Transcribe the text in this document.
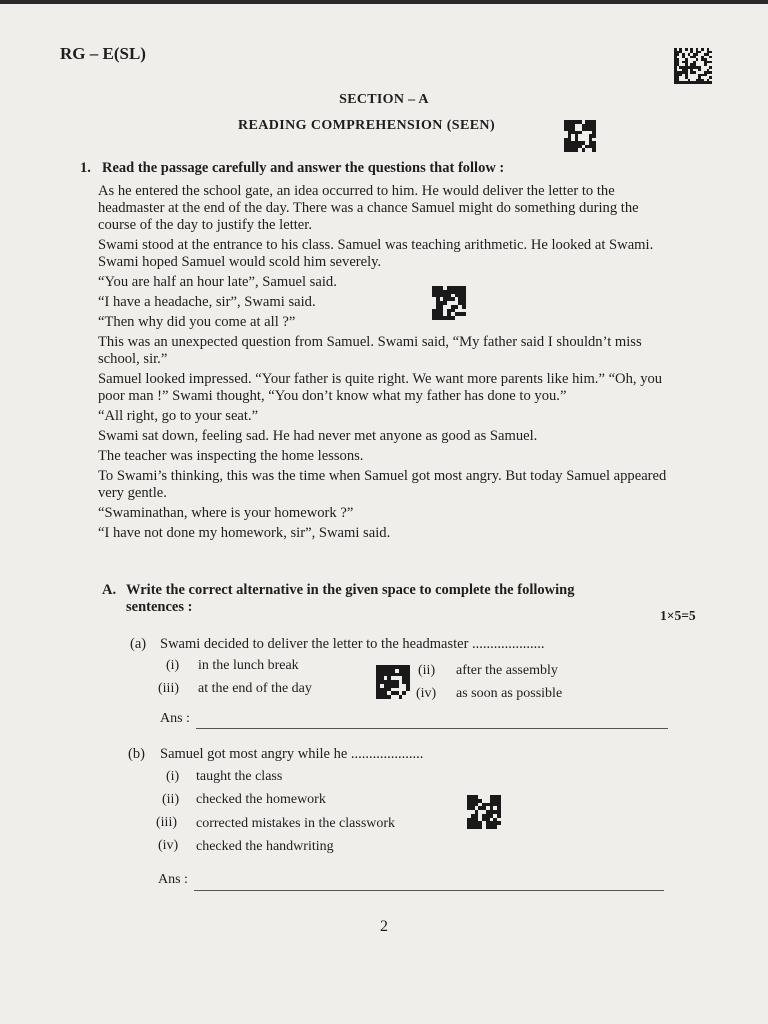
RG – E(SL)
SECTION – A
READING COMPREHENSION (SEEN)
1. Read the passage carefully and answer the questions that follow :

As he entered the school gate, an idea occurred to him. He would deliver the letter to the headmaster at the end of the day. There was a chance Samuel might do something during the course of the day to justify the letter.

Swami stood at the entrance to his class. Samuel was teaching arithmetic. He looked at Swami. Swami hoped Samuel would scold him severely.

“You are half an hour late”, Samuel said.

“I have a headache, sir”, Swami said.

“Then why did you come at all ?”

This was an unexpected question from Samuel. Swami said, “My father said I shouldn’t miss school, sir.”

Samuel looked impressed. “Your father is quite right. We want more parents like him.” “Oh, you poor man !” Swami thought, “You don’t know what my father has done to you.”

“All right, go to your seat.”

Swami sat down, feeling sad. He had never met anyone as good as Samuel.

The teacher was inspecting the home lessons.

To Swami’s thinking, this was the time when Samuel got most angry. But today Samuel appeared very gentle.

“Swaminathan, where is your homework ?”

“I have not done my homework, sir”, Swami said.

A. Write the correct alternative in the given space to complete the following sentences :
1×5=5
(a) Swami decided to deliver the letter to the headmaster ....................
(i) in the lunch break	(ii) after the assembly
(iii) at the end of the day	(iv) as soon as possible
Ans :
(b) Samuel got most angry while he ....................
(i) taught the class
(ii) checked the homework
(iii) corrected mistakes in the classwork
(iv) checked the handwriting
Ans :
2
